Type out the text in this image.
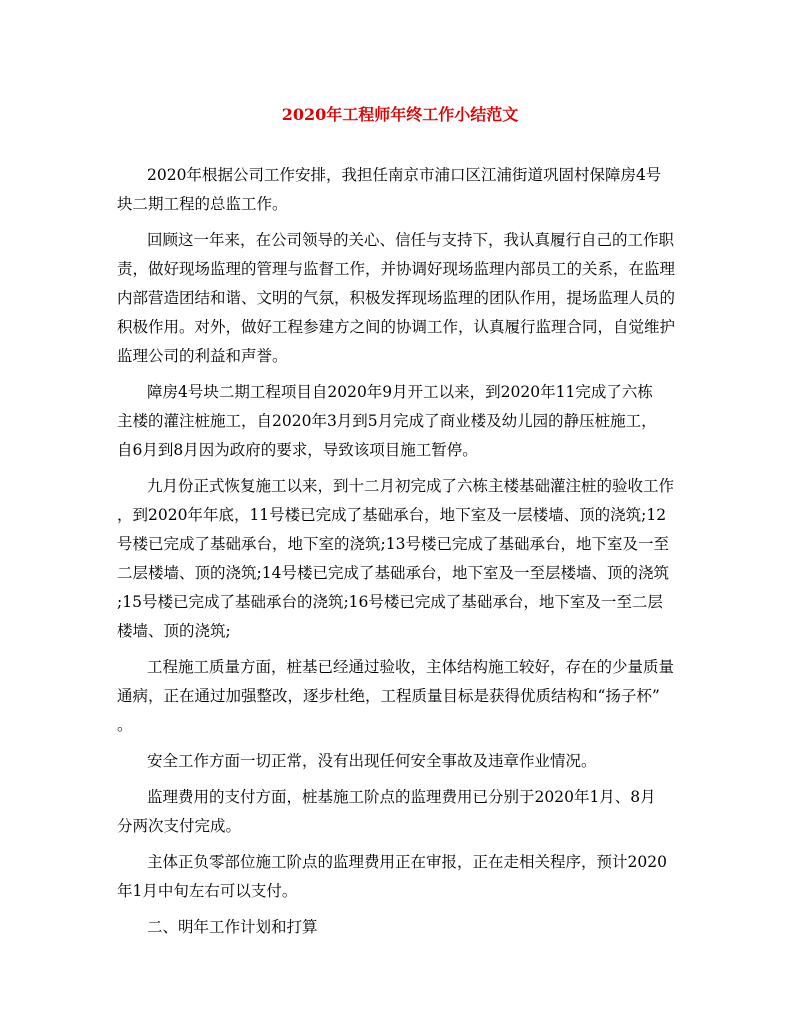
2020年工程师年终工作小结范文
2020年根据公司工作安排，我担任南京市浦口区江浦街道巩固村保障房4号
块二期工程的总监工作。
回顾这一年来，在公司领导的关心、信任与支持下，我认真履行自己的工作职
责，做好现场监理的管理与监督工作，并协调好现场监理内部员工的关系，在监理
内部营造团结和谐、文明的气氛，积极发挥现场监理的团队作用，提场监理人员的
积极作用。对外，做好工程参建方之间的协调工作，认真履行监理合同，自觉维护
监理公司的利益和声誉。
障房4号块二期工程项目自2020年9月开工以来，到2020年11完成了六栋
主楼的灌注桩施工，自2020年3月到5月完成了商业楼及幼儿园的静压桩施工，
自6月到8月因为政府的要求，导致该项目施工暂停。
九月份正式恢复施工以来，到十二月初完成了六栋主楼基础灌注桩的验收工作
，到2020年年底，11号楼已完成了基础承台，地下室及一层楼墙、顶的浇筑;12
号楼已完成了基础承台，地下室的浇筑;13号楼已完成了基础承台，地下室及一至
二层楼墙、顶的浇筑;14号楼已完成了基础承台，地下室及一至层楼墙、顶的浇筑
;15号楼已完成了基础承台的浇筑;16号楼已完成了基础承台，地下室及一至二层
楼墙、顶的浇筑;
工程施工质量方面，桩基已经通过验收，主体结构施工较好，存在的少量质量
通病，正在通过加强整改，逐步杜绝，工程质量目标是获得优质结构和“扬子杯”
。
安全工作方面一切正常，没有出现任何安全事故及违章作业情况。
监理费用的支付方面，桩基施工阶点的监理费用已分别于2020年1月、8月
分两次支付完成。
主体正负零部位施工阶点的监理费用正在审报，正在走相关程序，预计2020
年1月中旬左右可以支付。
二、明年工作计划和打算
